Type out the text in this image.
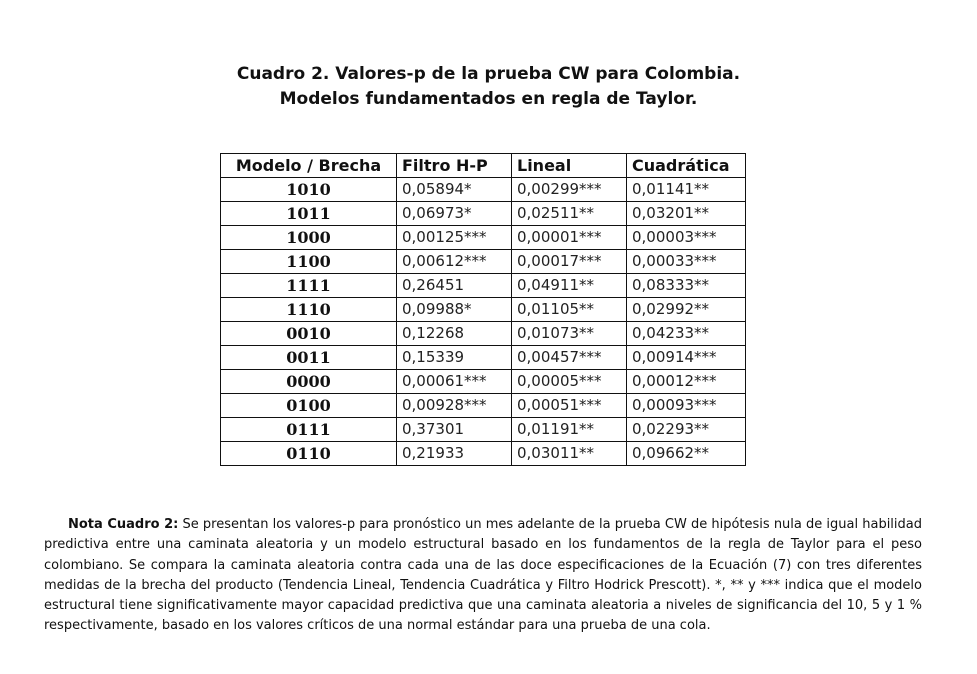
Cuadro 2. Valores-p de la prueba CW para Colombia.
Modelos fundamentados en regla de Taylor.
Modelo / Brecha	Filtro H-P	Lineal	Cuadrática
1010	0,05894*	0,00299***	0,01141**
1011	0,06973*	0,02511**	0,03201**
1000	0,00125***	0,00001***	0,00003***
1100	0,00612***	0,00017***	0,00033***
1111	0,26451	0,04911**	0,08333**
1110	0,09988*	0,01105**	0,02992**
0010	0,12268	0,01073**	0,04233**
0011	0,15339	0,00457***	0,00914***
0000	0,00061***	0,00005***	0,00012***
0100	0,00928***	0,00051***	0,00093***
0111	0,37301	0,01191**	0,02293**
0110	0,21933	0,03011**	0,09662**
Nota Cuadro 2: Se presentan los valores-p para pronóstico un mes adelante de la prueba CW de hipótesis nula de igual habilidad predictiva entre una caminata aleatoria y un modelo estructural basado en los fundamentos de la regla de Taylor para el peso colombiano. Se compara la caminata aleatoria contra cada una de las doce especificaciones de la Ecuación (7) con tres diferentes medidas de la brecha del producto (Tendencia Lineal, Tendencia Cuadrática y Filtro Hodrick Prescott). *, ** y *** indica que el modelo estructural tiene significativamente mayor capacidad predictiva que una caminata aleatoria a niveles de significancia del 10, 5 y 1 % respectivamente, basado en los valores críticos de una normal estándar para una prueba de una cola.
